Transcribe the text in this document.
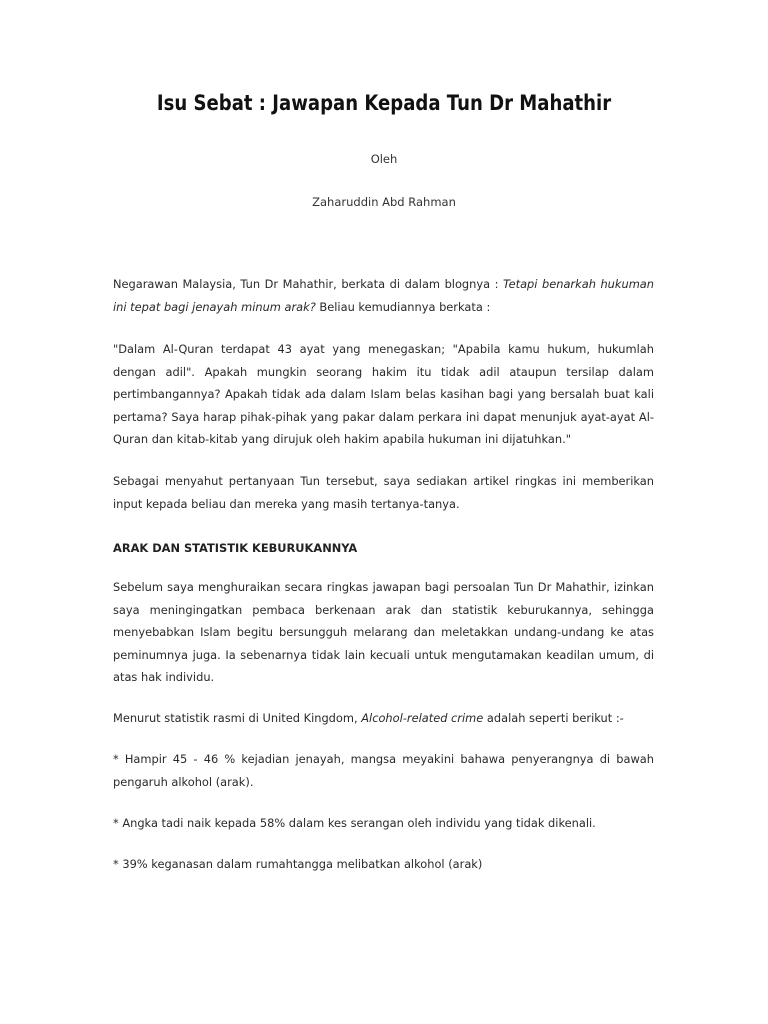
Isu Sebat : Jawapan Kepada Tun Dr Mahathir
Oleh
Zaharuddin Abd Rahman

Negarawan Malaysia, Tun Dr Mahathir, berkata di dalam blognya : Tetapi benarkah hukuman ini tepat bagi jenayah minum arak? Beliau kemudiannya berkata :

"Dalam Al-Quran terdapat 43 ayat yang menegaskan; "Apabila kamu hukum, hukumlah dengan adil". Apakah mungkin seorang hakim itu tidak adil ataupun tersilap dalam pertimbangannya? Apakah tidak ada dalam Islam belas kasihan bagi yang bersalah buat kali pertama? Saya harap pihak-pihak yang pakar dalam perkara ini dapat menunjuk ayat-ayat Al-Quran dan kitab-kitab yang dirujuk oleh hakim apabila hukuman ini dijatuhkan."

Sebagai menyahut pertanyaan Tun tersebut, saya sediakan artikel ringkas ini memberikan input kepada beliau dan mereka yang masih tertanya-tanya.

ARAK DAN STATISTIK KEBURUKANNYA

Sebelum saya menghuraikan secara ringkas jawapan bagi persoalan Tun Dr Mahathir, izinkan saya meningingatkan pembaca berkenaan arak dan statistik keburukannya, sehingga menyebabkan Islam begitu bersungguh melarang dan meletakkan undang-undang ke atas peminumnya juga. Ia sebenarnya tidak lain kecuali untuk mengutamakan keadilan umum, di atas hak individu.

Menurut statistik rasmi di United Kingdom, Alcohol-related crime adalah seperti berikut :-

* Hampir 45 - 46 % kejadian jenayah, mangsa meyakini bahawa penyerangnya di bawah pengaruh alkohol (arak).

* Angka tadi naik kepada 58% dalam kes serangan oleh individu yang tidak dikenali.

* 39% keganasan dalam rumahtangga melibatkan alkohol (arak)
